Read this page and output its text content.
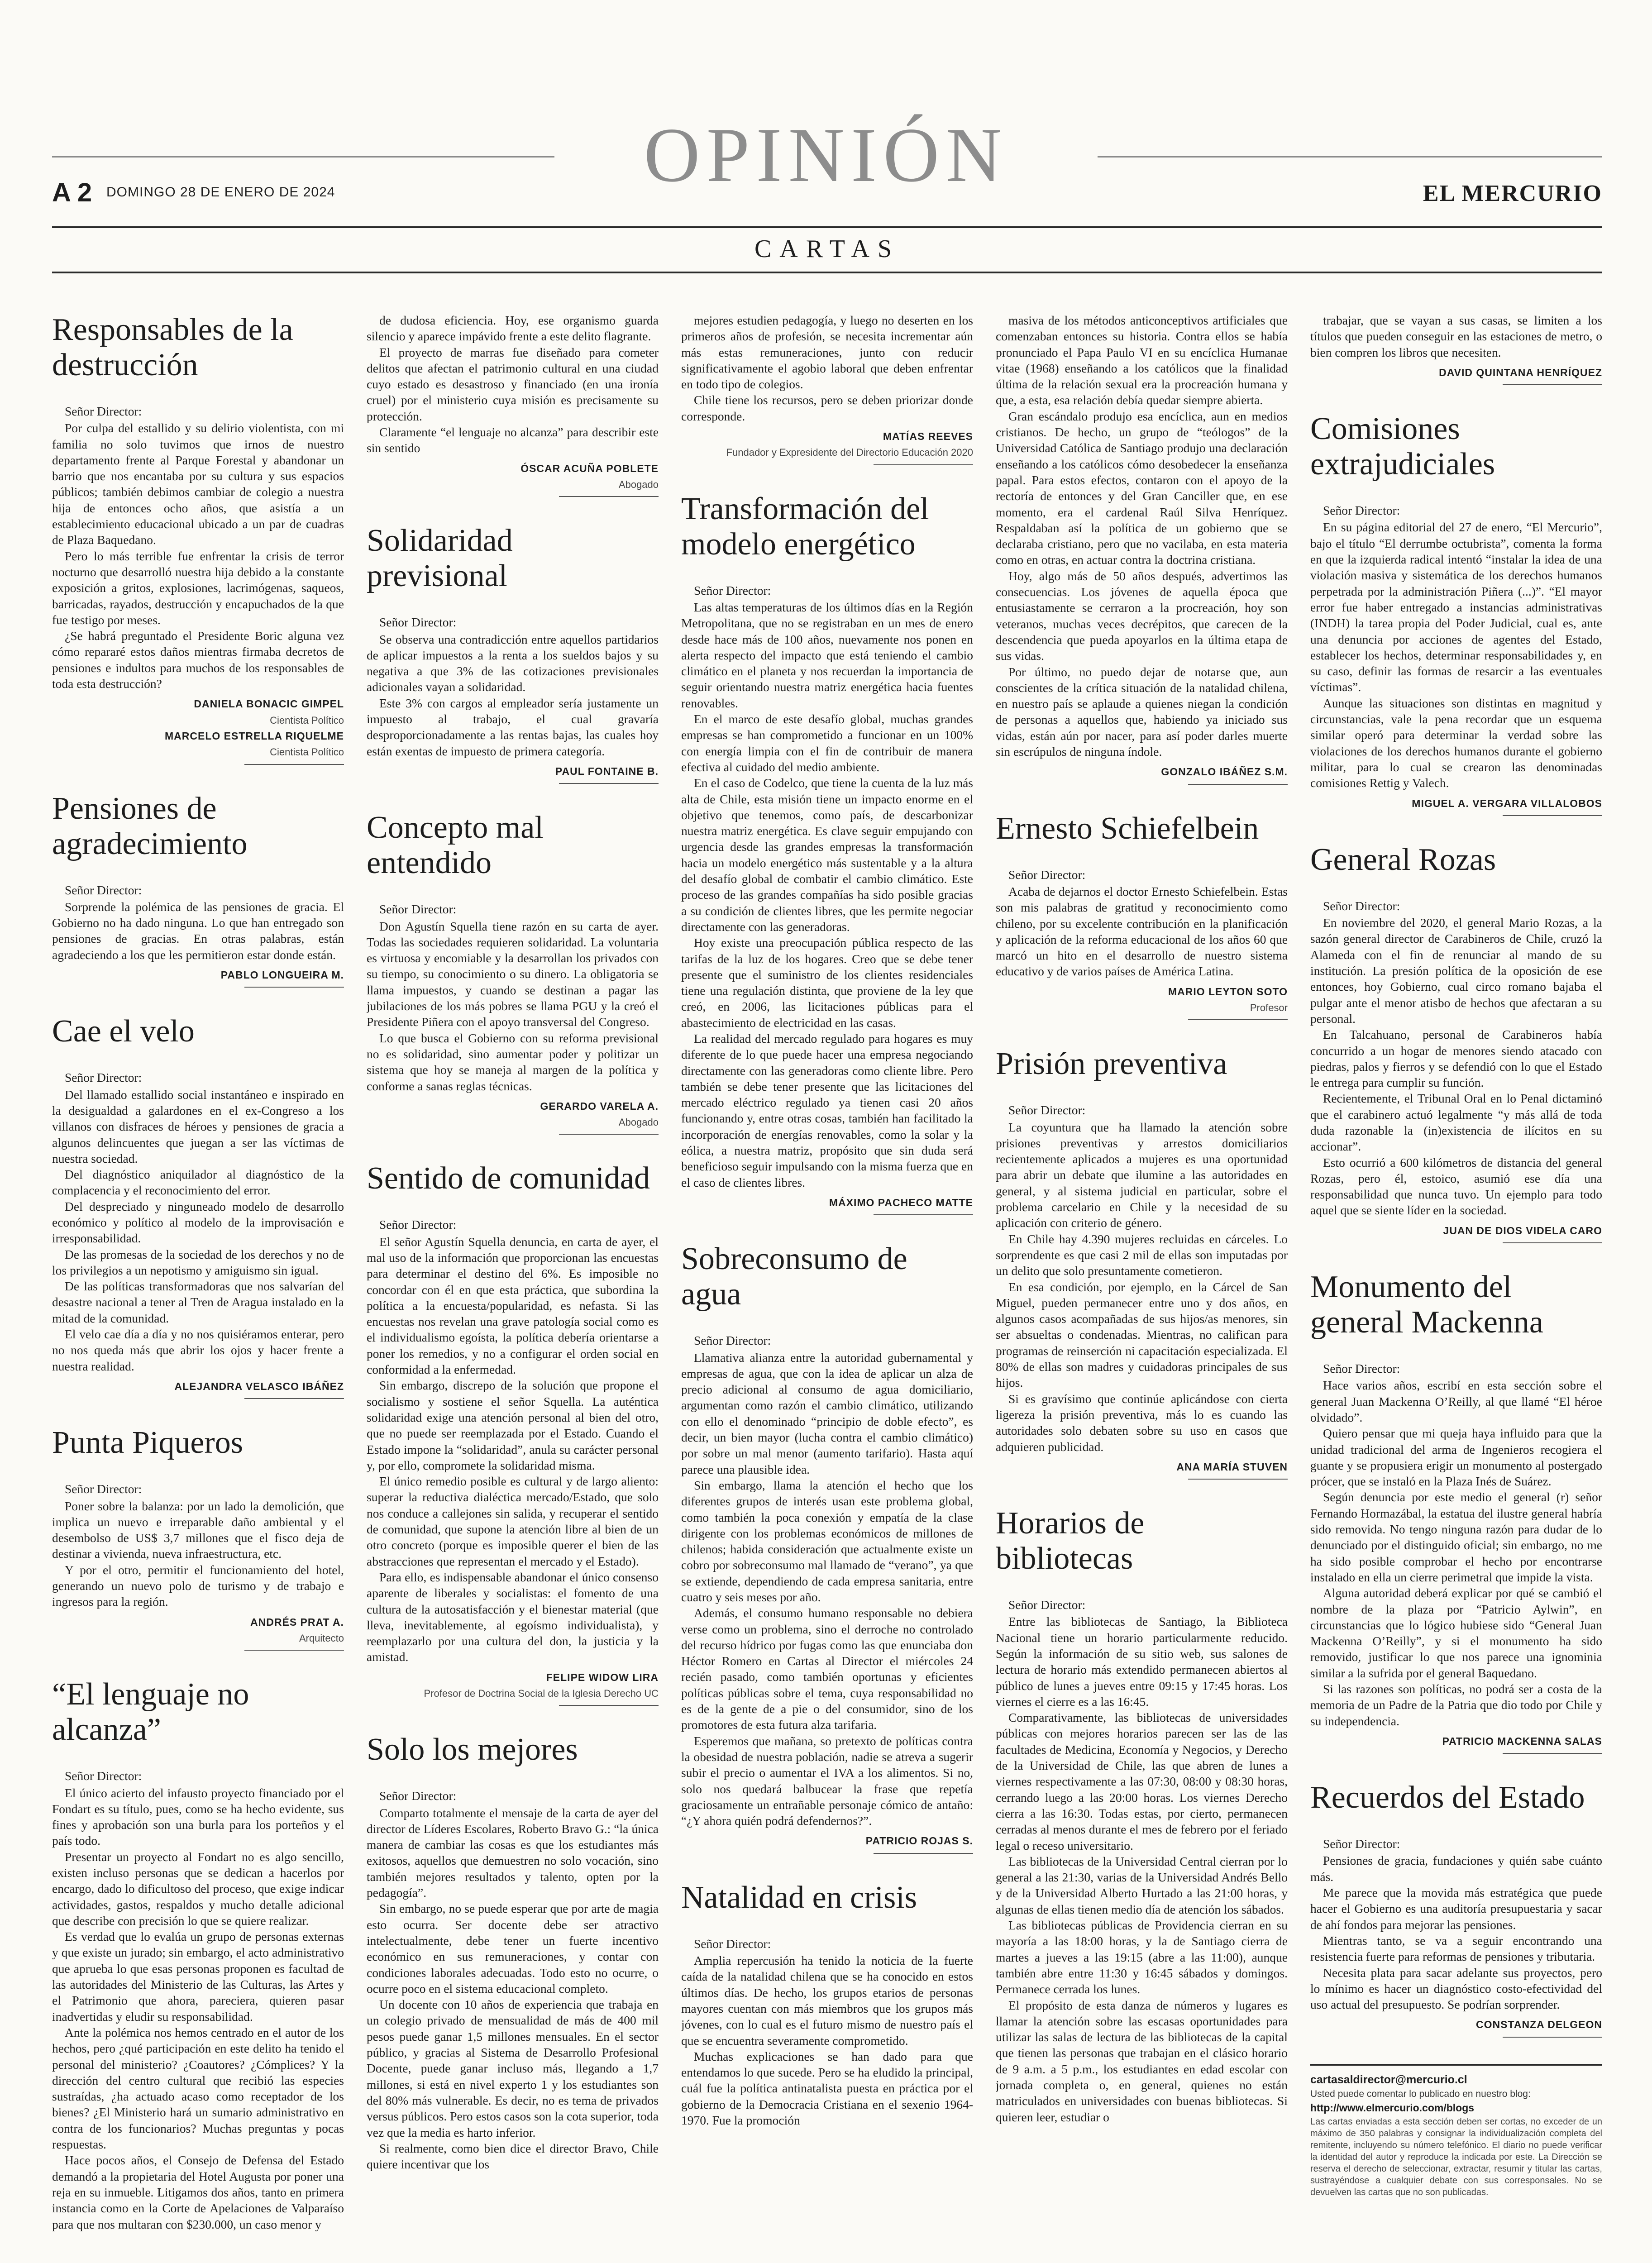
OPINIÓN
A 2 DOMINGO 28 DE ENERO DE 2024	EL MERCURIO
CARTAS
Responsables de la destrucción

Señor Director:

Por culpa del estallido y su delirio violentista, con mi familia no solo tuvimos que irnos de nuestro departamento frente al Parque Forestal y abandonar un barrio que nos encantaba por su cultura y sus espacios públicos; también debimos cambiar de colegio a nuestra hija de entonces ocho años, que asistía a un establecimiento educacional ubicado a un par de cuadras de Plaza Baquedano.

Pero lo más terrible fue enfrentar la crisis de terror nocturno que desarrolló nuestra hija debido a la constante exposición a gritos, explosiones, lacrimógenas, saqueos, barricadas, rayados, destrucción y encapuchados de la que fue testigo por meses.

¿Se habrá preguntado el Presidente Boric alguna vez cómo repararé estos daños mientras firmaba decretos de pensiones e indultos para muchos de los responsables de toda esta destrucción?

DANIELA BONACIC GIMPEL
Cientista Político
MARCELO ESTRELLA RIQUELME
Cientista Político
Pensiones de agradecimiento

Señor Director:

Sorprende la polémica de las pensiones de gracia. El Gobierno no ha dado ninguna. Lo que han entregado son pensiones de gracias. En otras palabras, están agradeciendo a los que les permitieron estar donde están.

PABLO LONGUEIRA M.
Cae el velo

Señor Director:

Del llamado estallido social instantáneo e inspirado en la desigualdad a galardones en el ex-Congreso a los villanos con disfraces de héroes y pensiones de gracia a algunos delincuentes que juegan a ser las víctimas de nuestra sociedad.

Del diagnóstico aniquilador al diagnóstico de la complacencia y el reconocimiento del error.

Del despreciado y ninguneado modelo de desarrollo económico y político al modelo de la improvisación e irresponsabilidad.

De las promesas de la sociedad de los derechos y no de los privilegios a un nepotismo y amiguismo sin igual.

De las políticas transformadoras que nos salvarían del desastre nacional a tener al Tren de Aragua instalado en la mitad de la comunidad.

El velo cae día a día y no nos quisiéramos enterar, pero no nos queda más que abrir los ojos y hacer frente a nuestra realidad.

ALEJANDRA VELASCO IBÁÑEZ
Punta Piqueros

Señor Director:

Poner sobre la balanza: por un lado la demolición, que implica un nuevo e irreparable daño ambiental y el desembolso de US$ 3,7 millones que el fisco deja de destinar a vivienda, nueva infraestructura, etc.

Y por el otro, permitir el funcionamiento del hotel, generando un nuevo polo de turismo y de trabajo e ingresos para la región.

ANDRÉS PRAT A.
Arquitecto
“El lenguaje no alcanza”

Señor Director:

El único acierto del infausto proyecto financiado por el Fondart es su título, pues, como se ha hecho evidente, sus fines y aprobación son una burla para los porteños y el país todo.

Presentar un proyecto al Fondart no es algo sencillo, existen incluso personas que se dedican a hacerlos por encargo, dado lo dificultoso del proceso, que exige indicar actividades, gastos, respaldos y mucho detalle adicional que describe con precisión lo que se quiere realizar.

Es verdad que lo evalúa un grupo de personas externas y que existe un jurado; sin embargo, el acto administrativo que aprueba lo que esas personas proponen es facultad de las autoridades del Ministerio de las Culturas, las Artes y el Patrimonio que ahora, pareciera, quieren pasar inadvertidas y eludir su responsabilidad.

Ante la polémica nos hemos centrado en el autor de los hechos, pero ¿qué participación en este delito ha tenido el personal del ministerio? ¿Coautores? ¿Cómplices? Y la dirección del centro cultural que recibió las especies sustraídas, ¿ha actuado acaso como receptador de los bienes? ¿El Ministerio hará un sumario administrativo en contra de los funcionarios? Muchas preguntas y pocas respuestas.

Hace pocos años, el Consejo de Defensa del Estado demandó a la propietaria del Hotel Augusta por poner una reja en su inmueble. Litigamos dos años, tanto en primera instancia como en la Corte de Apelaciones de Valparaíso para que nos multaran con $230.000, un caso menor y

de dudosa eficiencia. Hoy, ese organismo guarda silencio y aparece impávido frente a este delito flagrante.

El proyecto de marras fue diseñado para cometer delitos que afectan el patrimonio cultural en una ciudad cuyo estado es desastroso y financiado (en una ironía cruel) por el ministerio cuya misión es precisamente su protección.

Claramente “el lenguaje no alcanza” para describir este sin sentido

ÓSCAR ACUÑA POBLETE
Abogado
Solidaridad previsional

Señor Director:

Se observa una contradicción entre aquellos partidarios de aplicar impuestos a la renta a los sueldos bajos y su negativa a que 3% de las cotizaciones previsionales adicionales vayan a solidaridad.

Este 3% con cargos al empleador sería justamente un impuesto al trabajo, el cual gravaría desproporcionadamente a las rentas bajas, las cuales hoy están exentas de impuesto de primera categoría.

PAUL FONTAINE B.
Concepto mal entendido

Señor Director:

Don Agustín Squella tiene razón en su carta de ayer. Todas las sociedades requieren solidaridad. La voluntaria es virtuosa y encomiable y la desarrollan los privados con su tiempo, su conocimiento o su dinero. La obligatoria se llama impuestos, y cuando se destinan a pagar las jubilaciones de los más pobres se llama PGU y la creó el Presidente Piñera con el apoyo transversal del Congreso.

Lo que busca el Gobierno con su reforma previsional no es solidaridad, sino aumentar poder y politizar un sistema que hoy se maneja al margen de la política y conforme a sanas reglas técnicas.

GERARDO VARELA A.
Abogado
Sentido de comunidad

Señor Director:

El señor Agustín Squella denuncia, en carta de ayer, el mal uso de la información que proporcionan las encuestas para determinar el destino del 6%. Es imposible no concordar con él en que esta práctica, que subordina la política a la encuesta/popularidad, es nefasta. Si las encuestas nos revelan una grave patología social como es el individualismo egoísta, la política debería orientarse a poner los remedios, y no a configurar el orden social en conformidad a la enfermedad.

Sin embargo, discrepo de la solución que propone el socialismo y sostiene el señor Squella. La auténtica solidaridad exige una atención personal al bien del otro, que no puede ser reemplazada por el Estado. Cuando el Estado impone la “solidaridad”, anula su carácter personal y, por ello, compromete la solidaridad misma.

El único remedio posible es cultural y de largo aliento: superar la reductiva dialéctica mercado/Estado, que solo nos conduce a callejones sin salida, y recuperar el sentido de comunidad, que supone la atención libre al bien de un otro concreto (porque es imposible querer el bien de las abstracciones que representan el mercado y el Estado).

Para ello, es indispensable abandonar el único consenso aparente de liberales y socialistas: el fomento de una cultura de la autosatisfacción y el bienestar material (que lleva, inevitablemente, al egoísmo individualista), y reemplazarlo por una cultura del don, la justicia y la amistad.

FELIPE WIDOW LIRA
Profesor de Doctrina Social de la Iglesia Derecho UC
Solo los mejores

Señor Director:

Comparto totalmente el mensaje de la carta de ayer del director de Líderes Escolares, Roberto Bravo G.: “la única manera de cambiar las cosas es que los estudiantes más exitosos, aquellos que demuestren no solo vocación, sino también mejores resultados y talento, opten por la pedagogía”.

Sin embargo, no se puede esperar que por arte de magia esto ocurra. Ser docente debe ser atractivo intelectualmente, debe tener un fuerte incentivo económico en sus remuneraciones, y contar con condiciones laborales adecuadas. Todo esto no ocurre, o ocurre poco en el sistema educacional completo.

Un docente con 10 años de experiencia que trabaja en un colegio privado de mensualidad de más de 400 mil pesos puede ganar 1,5 millones mensuales. En el sector público, y gracias al Sistema de Desarrollo Profesional Docente, puede ganar incluso más, llegando a 1,7 millones, si está en nivel experto 1 y los estudiantes son del 80% más vulnerable. Es decir, no es tema de privados versus públicos. Pero estos casos son la cota superior, toda vez que la media es harto inferior.

Si realmente, como bien dice el director Bravo, Chile quiere incentivar que los

mejores estudien pedagogía, y luego no deserten en los primeros años de profesión, se necesita incrementar aún más estas remuneraciones, junto con reducir significativamente el agobio laboral que deben enfrentar en todo tipo de colegios.

Chile tiene los recursos, pero se deben priorizar donde corresponde.

MATÍAS REEVES
Fundador y Expresidente del Directorio Educación 2020
Transformación del modelo energético

Señor Director:

Las altas temperaturas de los últimos días en la Región Metropolitana, que no se registraban en un mes de enero desde hace más de 100 años, nuevamente nos ponen en alerta respecto del impacto que está teniendo el cambio climático en el planeta y nos recuerdan la importancia de seguir orientando nuestra matriz energética hacia fuentes renovables.

En el marco de este desafío global, muchas grandes empresas se han comprometido a funcionar en un 100% con energía limpia con el fin de contribuir de manera efectiva al cuidado del medio ambiente.

En el caso de Codelco, que tiene la cuenta de la luz más alta de Chile, esta misión tiene un impacto enorme en el objetivo que tenemos, como país, de descarbonizar nuestra matriz energética. Es clave seguir empujando con urgencia desde las grandes empresas la transformación hacia un modelo energético más sustentable y a la altura del desafío global de combatir el cambio climático. Este proceso de las grandes compañías ha sido posible gracias a su condición de clientes libres, que les permite negociar directamente con las generadoras.

Hoy existe una preocupación pública respecto de las tarifas de la luz de los hogares. Creo que se debe tener presente que el suministro de los clientes residenciales tiene una regulación distinta, que proviene de la ley que creó, en 2006, las licitaciones públicas para el abastecimiento de electricidad en las casas.

La realidad del mercado regulado para hogares es muy diferente de lo que puede hacer una empresa negociando directamente con las generadoras como cliente libre. Pero también se debe tener presente que las licitaciones del mercado eléctrico regulado ya tienen casi 20 años funcionando y, entre otras cosas, también han facilitado la incorporación de energías renovables, como la solar y la eólica, a nuestra matriz, propósito que sin duda será beneficioso seguir impulsando con la misma fuerza que en el caso de clientes libres.

MÁXIMO PACHECO MATTE
Sobreconsumo de agua

Señor Director:

Llamativa alianza entre la autoridad gubernamental y empresas de agua, que con la idea de aplicar un alza de precio adicional al consumo de agua domiciliario, argumentan como razón el cambio climático, utilizando con ello el denominado “principio de doble efecto”, es decir, un bien mayor (lucha contra el cambio climático) por sobre un mal menor (aumento tarifario). Hasta aquí parece una plausible idea.

Sin embargo, llama la atención el hecho que los diferentes grupos de interés usan este problema global, como también la poca conexión y empatía de la clase dirigente con los problemas económicos de millones de chilenos; habida consideración que actualmente existe un cobro por sobreconsumo mal llamado de “verano”, ya que se extiende, dependiendo de cada empresa sanitaria, entre cuatro y seis meses por año.

Además, el consumo humano responsable no debiera verse como un problema, sino el derroche no controlado del recurso hídrico por fugas como las que enunciaba don Héctor Romero en Cartas al Director el miércoles 24 recién pasado, como también oportunas y eficientes políticas públicas sobre el tema, cuya responsabilidad no es de la gente de a pie o del consumidor, sino de los promotores de esta futura alza tarifaria.

Esperemos que mañana, so pretexto de políticas contra la obesidad de nuestra población, nadie se atreva a sugerir subir el precio o aumentar el IVA a los alimentos. Si no, solo nos quedará balbucear la frase que repetía graciosamente un entrañable personaje cómico de antaño: “¿Y ahora quién podrá defendernos?”.

PATRICIO ROJAS S.
Natalidad en crisis

Señor Director:

Amplia repercusión ha tenido la noticia de la fuerte caída de la natalidad chilena que se ha conocido en estos últimos días. De hecho, los grupos etarios de personas mayores cuentan con más miembros que los grupos más jóvenes, con lo cual es el futuro mismo de nuestro país el que se encuentra severamente comprometido.

Muchas explicaciones se han dado para que entendamos lo que sucede. Pero se ha eludido la principal, cuál fue la política antinatalista puesta en práctica por el gobierno de la Democracia Cristiana en el sexenio 1964-1970. Fue la promoción

masiva de los métodos anticonceptivos artificiales que comenzaban entonces su historia. Contra ellos se había pronunciado el Papa Paulo VI en su encíclica Humanae vitae (1968) enseñando a los católicos que la finalidad última de la relación sexual era la procreación humana y que, a esta, esa relación debía quedar siempre abierta.

Gran escándalo produjo esa encíclica, aun en medios cristianos. De hecho, un grupo de “teólogos” de la Universidad Católica de Santiago produjo una declaración enseñando a los católicos cómo desobedecer la enseñanza papal. Para estos efectos, contaron con el apoyo de la rectoría de entonces y del Gran Canciller que, en ese momento, era el cardenal Raúl Silva Henríquez. Respaldaban así la política de un gobierno que se declaraba cristiano, pero que no vacilaba, en esta materia como en otras, en actuar contra la doctrina cristiana.

Hoy, algo más de 50 años después, advertimos las consecuencias. Los jóvenes de aquella época que entusiastamente se cerraron a la procreación, hoy son veteranos, muchas veces decrépitos, que carecen de la descendencia que pueda apoyarlos en la última etapa de sus vidas.

Por último, no puedo dejar de notarse que, aun conscientes de la crítica situación de la natalidad chilena, en nuestro país se aplaude a quienes niegan la condición de personas a aquellos que, habiendo ya iniciado sus vidas, están aún por nacer, para así poder darles muerte sin escrúpulos de ninguna índole.

GONZALO IBÁÑEZ S.M.
Ernesto Schiefelbein

Señor Director:

Acaba de dejarnos el doctor Ernesto Schiefelbein. Estas son mis palabras de gratitud y reconocimiento como chileno, por su excelente contribución en la planificación y aplicación de la reforma educacional de los años 60 que marcó un hito en el desarrollo de nuestro sistema educativo y de varios países de América Latina.

MARIO LEYTON SOTO
Profesor
Prisión preventiva

Señor Director:

La coyuntura que ha llamado la atención sobre prisiones preventivas y arrestos domiciliarios recientemente aplicados a mujeres es una oportunidad para abrir un debate que ilumine a las autoridades en general, y al sistema judicial en particular, sobre el problema carcelario en Chile y la necesidad de su aplicación con criterio de género.

En Chile hay 4.390 mujeres recluidas en cárceles. Lo sorprendente es que casi 2 mil de ellas son imputadas por un delito que solo presuntamente cometieron.

En esa condición, por ejemplo, en la Cárcel de San Miguel, pueden permanecer entre uno y dos años, en algunos casos acompañadas de sus hijos/as menores, sin ser absueltas o condenadas. Mientras, no califican para programas de reinserción ni capacitación especializada. El 80% de ellas son madres y cuidadoras principales de sus hijos.

Si es gravísimo que continúe aplicándose con cierta ligereza la prisión preventiva, más lo es cuando las autoridades solo debaten sobre su uso en casos que adquieren publicidad.

ANA MARÍA STUVEN
Horarios de bibliotecas

Señor Director:

Entre las bibliotecas de Santiago, la Biblioteca Nacional tiene un horario particularmente reducido. Según la información de su sitio web, sus salones de lectura de horario más extendido permanecen abiertos al público de lunes a jueves entre 09:15 y 17:45 horas. Los viernes el cierre es a las 16:45.

Comparativamente, las bibliotecas de universidades públicas con mejores horarios parecen ser las de las facultades de Medicina, Economía y Negocios, y Derecho de la Universidad de Chile, las que abren de lunes a viernes respectivamente a las 07:30, 08:00 y 08:30 horas, cerrando luego a las 20:00 horas. Los viernes Derecho cierra a las 16:30. Todas estas, por cierto, permanecen cerradas al menos durante el mes de febrero por el feriado legal o receso universitario.

Las bibliotecas de la Universidad Central cierran por lo general a las 21:30, varias de la Universidad Andrés Bello y de la Universidad Alberto Hurtado a las 21:00 horas, y algunas de ellas tienen medio día de atención los sábados.

Las bibliotecas públicas de Providencia cierran en su mayoría a las 18:00 horas, y la de Santiago cierra de martes a jueves a las 19:15 (abre a las 11:00), aunque también abre entre 11:30 y 16:45 sábados y domingos. Permanece cerrada los lunes.

El propósito de esta danza de números y lugares es llamar la atención sobre las escasas oportunidades para utilizar las salas de lectura de las bibliotecas de la capital que tienen las personas que trabajan en el clásico horario de 9 a.m. a 5 p.m., los estudiantes en edad escolar con jornada completa o, en general, quienes no están matriculados en universidades con buenas bibliotecas. Si quieren leer, estudiar o

trabajar, que se vayan a sus casas, se limiten a los títulos que pueden conseguir en las estaciones de metro, o bien compren los libros que necesiten.

DAVID QUINTANA HENRÍQUEZ
Comisiones extrajudiciales

Señor Director:

En su página editorial del 27 de enero, “El Mercurio”, bajo el título “El derrumbe octubrista”, comenta la forma en que la izquierda radical intentó “instalar la idea de una violación masiva y sistemática de los derechos humanos perpetrada por la administración Piñera (...)”. “El mayor error fue haber entregado a instancias administrativas (INDH) la tarea propia del Poder Judicial, cual es, ante una denuncia por acciones de agentes del Estado, establecer los hechos, determinar responsabilidades y, en su caso, definir las formas de resarcir a las eventuales víctimas”.

Aunque las situaciones son distintas en magnitud y circunstancias, vale la pena recordar que un esquema similar operó para determinar la verdad sobre las violaciones de los derechos humanos durante el gobierno militar, para lo cual se crearon las denominadas comisiones Rettig y Valech.

MIGUEL A. VERGARA VILLALOBOS
General Rozas

Señor Director:

En noviembre del 2020, el general Mario Rozas, a la sazón general director de Carabineros de Chile, cruzó la Alameda con el fin de renunciar al mando de su institución. La presión política de la oposición de ese entonces, hoy Gobierno, cual circo romano bajaba el pulgar ante el menor atisbo de hechos que afectaran a su personal.

En Talcahuano, personal de Carabineros había concurrido a un hogar de menores siendo atacado con piedras, palos y fierros y se defendió con lo que el Estado le entrega para cumplir su función.

Recientemente, el Tribunal Oral en lo Penal dictaminó que el carabinero actuó legalmente “y más allá de toda duda razonable la (in)existencia de ilícitos en su accionar”.

Esto ocurrió a 600 kilómetros de distancia del general Rozas, pero él, estoico, asumió ese día una responsabilidad que nunca tuvo. Un ejemplo para todo aquel que se siente líder en la sociedad.

JUAN DE DIOS VIDELA CARO
Monumento del general Mackenna

Señor Director:

Hace varios años, escribí en esta sección sobre el general Juan Mackenna O’Reilly, al que llamé “El héroe olvidado”.

Quiero pensar que mi queja haya influido para que la unidad tradicional del arma de Ingenieros recogiera el guante y se propusiera erigir un monumento al postergado prócer, que se instaló en la Plaza Inés de Suárez.

Según denuncia por este medio el general (r) señor Fernando Hormazábal, la estatua del ilustre general habría sido removida. No tengo ninguna razón para dudar de lo denunciado por el distinguido oficial; sin embargo, no me ha sido posible comprobar el hecho por encontrarse instalado en ella un cierre perimetral que impide la vista.

Alguna autoridad deberá explicar por qué se cambió el nombre de la plaza por “Patricio Aylwin”, en circunstancias que lo lógico hubiese sido “General Juan Mackenna O’Reilly”, y si el monumento ha sido removido, justificar lo que nos parece una ignominia similar a la sufrida por el general Baquedano.

Si las razones son políticas, no podrá ser a costa de la memoria de un Padre de la Patria que dio todo por Chile y su independencia.

PATRICIO MACKENNA SALAS
Recuerdos del Estado

Señor Director:

Pensiones de gracia, fundaciones y quién sabe cuánto más.

Me parece que la movida más estratégica que puede hacer el Gobierno es una auditoría presupuestaria y sacar de ahí fondos para mejorar las pensiones.

Mientras tanto, se va a seguir encontrando una resistencia fuerte para reformas de pensiones y tributaria.

Necesita plata para sacar adelante sus proyectos, pero lo mínimo es hacer un diagnóstico costo-efectividad del uso actual del presupuesto. Se podrían sorprender.

CONSTANZA DELGEON
cartasaldirector@mercurio.cl
Usted puede comentar lo publicado en nuestro blog:
http://www.elmercurio.com/blogs
Las cartas enviadas a esta sección deben ser cortas, no exceder de un máximo de 350 palabras y consignar la individualización completa del remitente, incluyendo su número telefónico. El diario no puede verificar la identidad del autor y reproduce la indicada por este. La Dirección se reserva el derecho de seleccionar, extractar, resumir y titular las cartas, sustrayéndose a cualquier debate con sus corresponsales. No se devuelven las cartas que no son publicadas.
